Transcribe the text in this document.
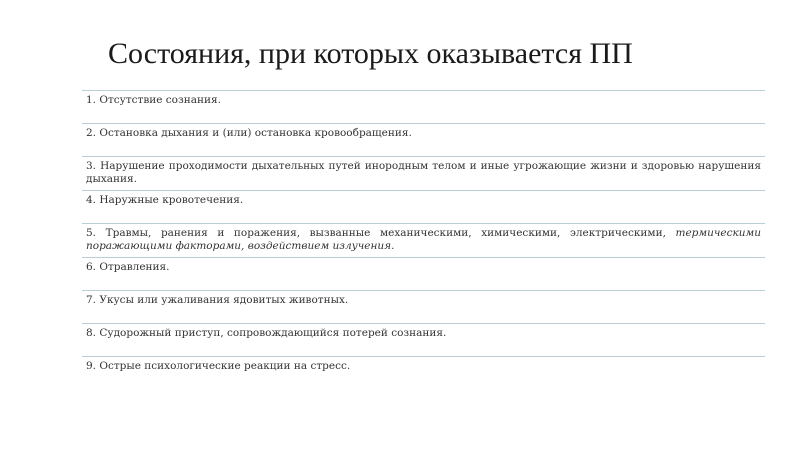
Состояния, при которых оказывается ПП
1. Отсутствие сознания.
2. Остановка дыхания и (или) остановка кровообращения.
3. Нарушение проходимости дыхательных путей инородным телом и иные угрожающие жизни и здоровью нарушения дыхания.
4. Наружные кровотечения.
5. Травмы, ранения и поражения, вызванные механическими, химическими, электрическими, термическими поражающими факторами, воздействием излучения.
6. Отравления.
7. Укусы или ужаливания ядовитых животных.
8. Судорожный приступ, сопровождающийся потерей сознания.
9. Острые психологические реакции на стресс.
